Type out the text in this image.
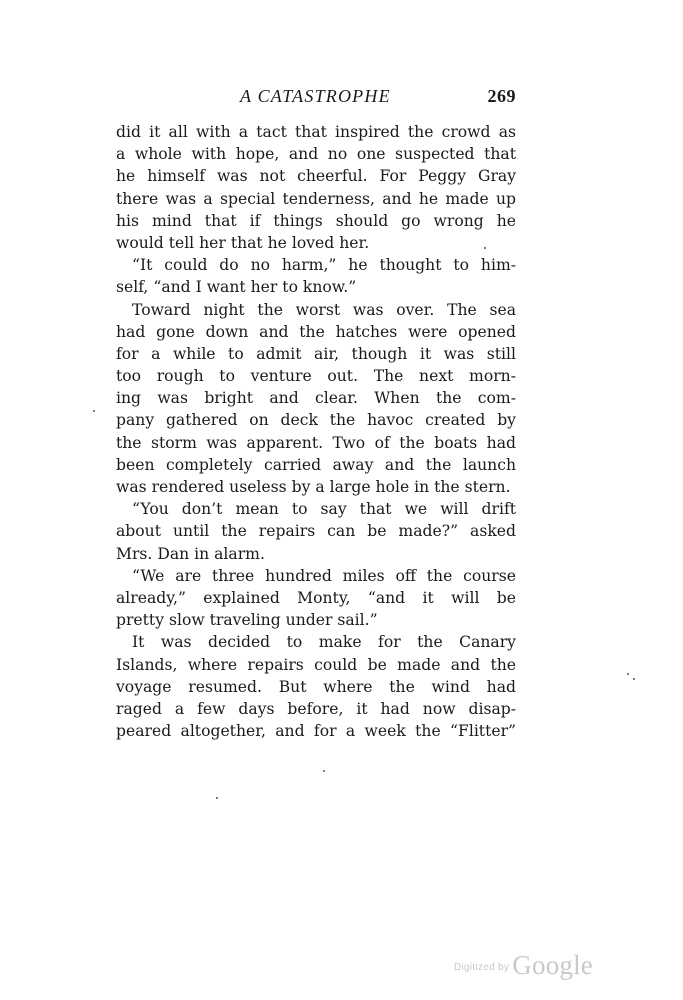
A CATASTROPHE	269
did it all with a tact that inspired the crowd as
a whole with hope, and no one suspected that
he himself was not cheerful. For Peggy Gray
there was a special tenderness, and he made up
his mind that if things should go wrong he
would tell her that he loved her.
“It could do no harm,” he thought to him-
self, “and I want her to know.”
Toward night the worst was over. The sea
had gone down and the hatches were opened
for a while to admit air, though it was still
too rough to venture out. The next morn-
ing was bright and clear. When the com-
pany gathered on deck the havoc created by
the storm was apparent. Two of the boats had
been completely carried away and the launch
was rendered useless by a large hole in the stern.
“You don’t mean to say that we will drift
about until the repairs can be made?” asked
Mrs. Dan in alarm.
“We are three hundred miles off the course
already,” explained Monty, “and it will be
pretty slow traveling under sail.”
It was decided to make for the Canary
Islands, where repairs could be made and the
voyage resumed. But where the wind had
raged a few days before, it had now disap-
peared altogether, and for a week the “Flitter”
$^{Digitized by}$ Google
